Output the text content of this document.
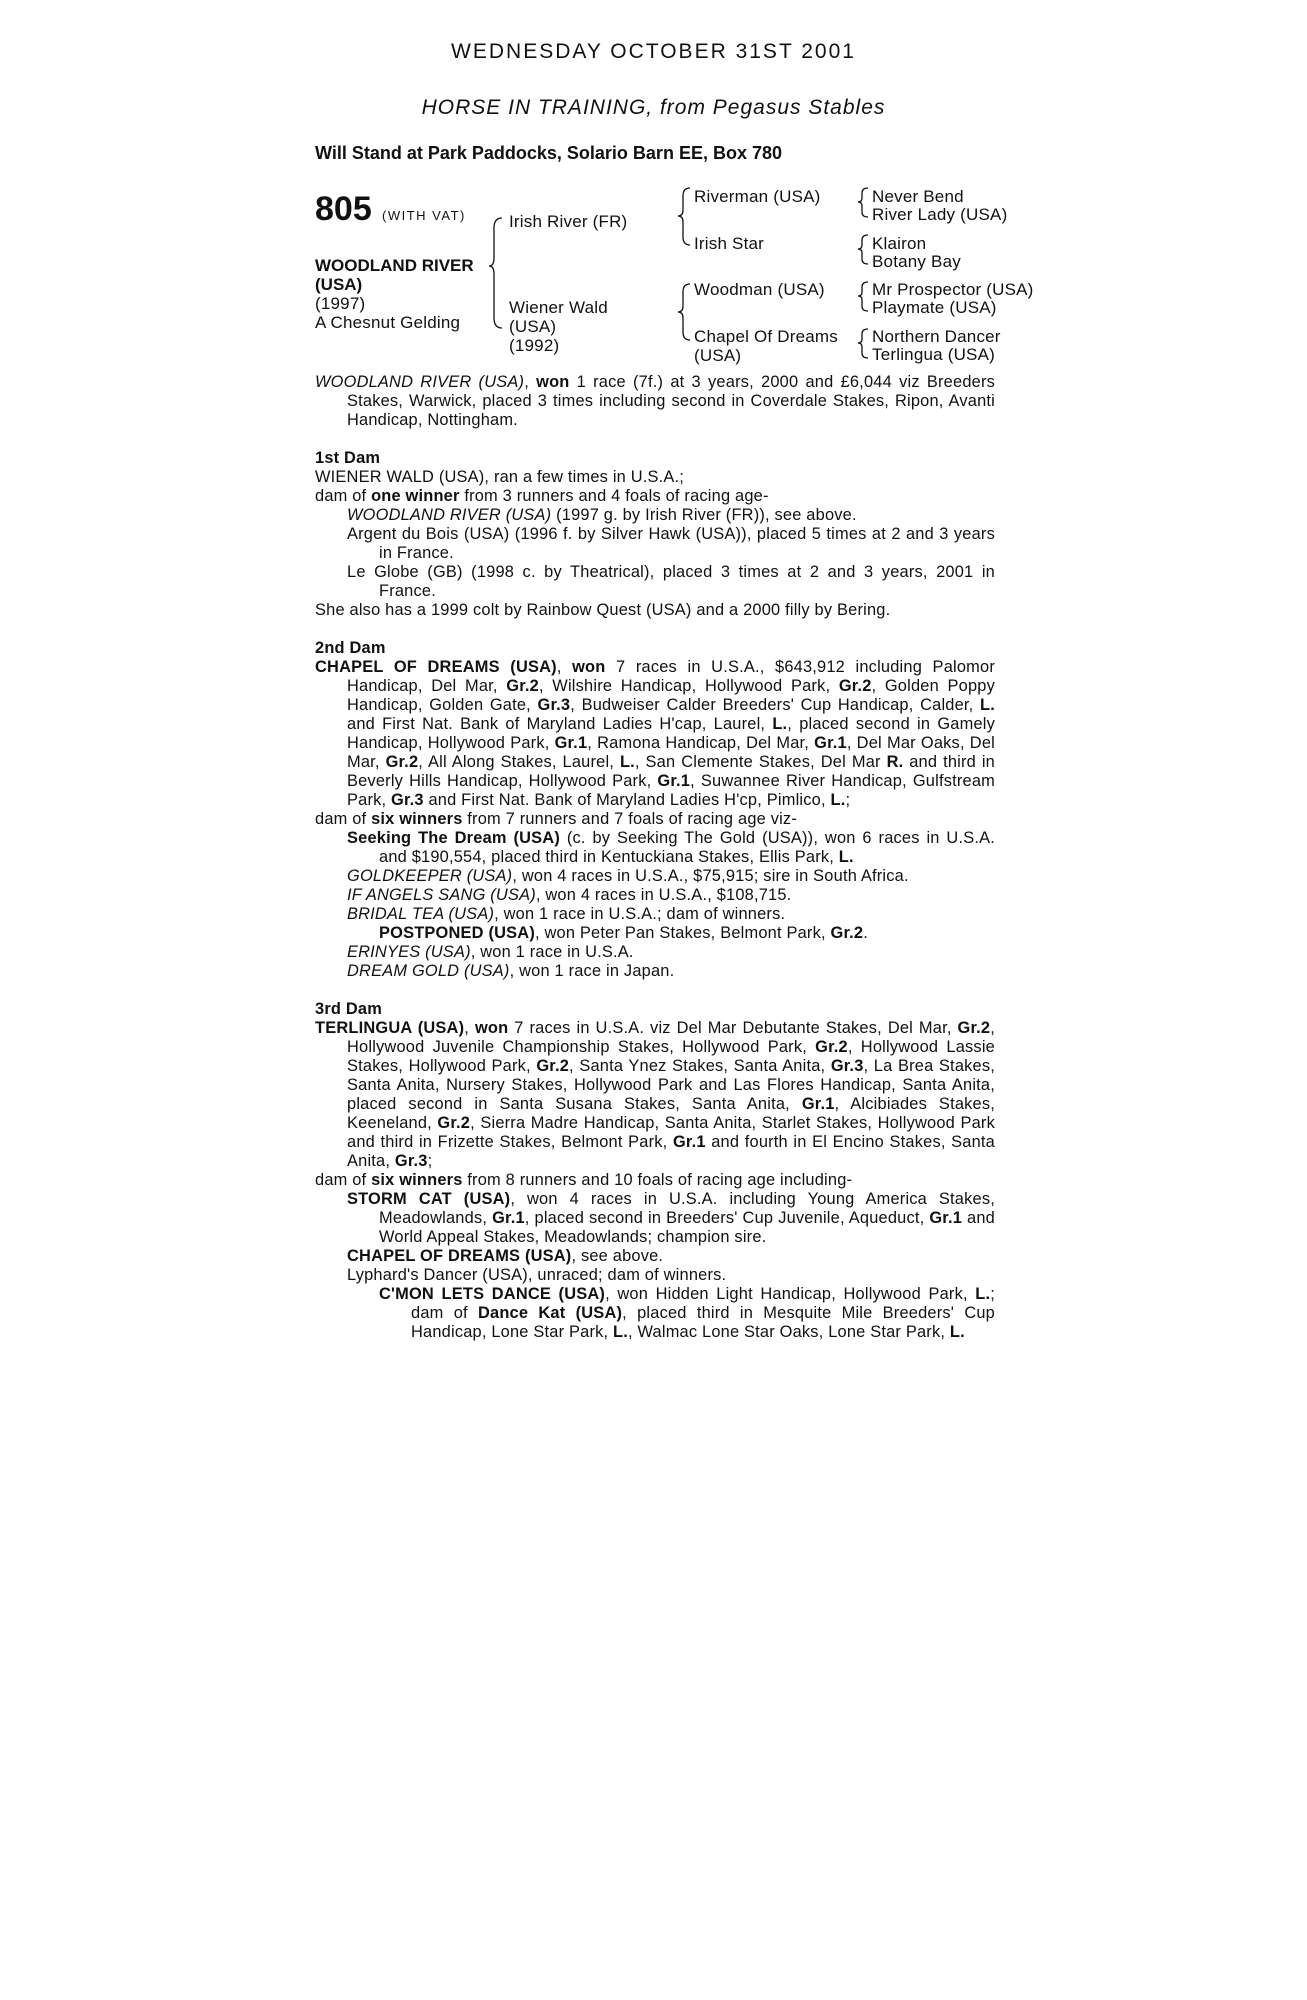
WEDNESDAY OCTOBER 31ST 2001
HORSE IN TRAINING, from Pegasus Stables
Will Stand at Park Paddocks, Solario Barn EE, Box 780
805 (WITH VAT)
WOODLAND RIVER
(USA)
(1997)
A Chesnut Gelding
Irish River (FR)
Wiener Wald
(USA)
(1992)
Riverman (USA)
Irish Star
Woodman (USA)
Chapel Of Dreams
(USA)
Never Bend
River Lady (USA)
Klairon
Botany Bay
Mr Prospector (USA)
Playmate (USA)
Northern Dancer
Terlingua (USA)

WOODLAND RIVER (USA), won 1 race (7f.) at 3 years, 2000 and £6,044 viz Breeders Stakes, Warwick, placed 3 times including second in Coverdale Stakes, Ripon, Avanti Handicap, Nottingham.

1st Dam

WIENER WALD (USA), ran a few times in U.S.A.;

dam of one winner from 3 runners and 4 foals of racing age-

WOODLAND RIVER (USA) (1997 g. by Irish River (FR)), see above.

Argent du Bois (USA) (1996 f. by Silver Hawk (USA)), placed 5 times at 2 and 3 years in France.

Le Globe (GB) (1998 c. by Theatrical), placed 3 times at 2 and 3 years, 2001 in France.

She also has a 1999 colt by Rainbow Quest (USA) and a 2000 filly by Bering.

2nd Dam

CHAPEL OF DREAMS (USA), won 7 races in U.S.A., $643,912 including Palomor Handicap, Del Mar, Gr.2, Wilshire Handicap, Hollywood Park, Gr.2, Golden Poppy Handicap, Golden Gate, Gr.3, Budweiser Calder Breeders' Cup Handicap, Calder, L. and First Nat. Bank of Maryland Ladies H'cap, Laurel, L., placed second in Gamely Handicap, Hollywood Park, Gr.1, Ramona Handicap, Del Mar, Gr.1, Del Mar Oaks, Del Mar, Gr.2, All Along Stakes, Laurel, L., San Clemente Stakes, Del Mar R. and third in Beverly Hills Handicap, Hollywood Park, Gr.1, Suwannee River Handicap, Gulfstream Park, Gr.3 and First Nat. Bank of Maryland Ladies H'cp, Pimlico, L.;

dam of six winners from 7 runners and 7 foals of racing age viz-

Seeking The Dream (USA) (c. by Seeking The Gold (USA)), won 6 races in U.S.A. and $190,554, placed third in Kentuckiana Stakes, Ellis Park, L.

GOLDKEEPER (USA), won 4 races in U.S.A., $75,915; sire in South Africa.

IF ANGELS SANG (USA), won 4 races in U.S.A., $108,715.

BRIDAL TEA (USA), won 1 race in U.S.A.; dam of winners.

POSTPONED (USA), won Peter Pan Stakes, Belmont Park, Gr.2.

ERINYES (USA), won 1 race in U.S.A.

DREAM GOLD (USA), won 1 race in Japan.

3rd Dam

TERLINGUA (USA), won 7 races in U.S.A. viz Del Mar Debutante Stakes, Del Mar, Gr.2, Hollywood Juvenile Championship Stakes, Hollywood Park, Gr.2, Hollywood Lassie Stakes, Hollywood Park, Gr.2, Santa Ynez Stakes, Santa Anita, Gr.3, La Brea Stakes, Santa Anita, Nursery Stakes, Hollywood Park and Las Flores Handicap, Santa Anita, placed second in Santa Susana Stakes, Santa Anita, Gr.1, Alcibiades Stakes, Keeneland, Gr.2, Sierra Madre Handicap, Santa Anita, Starlet Stakes, Hollywood Park and third in Frizette Stakes, Belmont Park, Gr.1 and fourth in El Encino Stakes, Santa Anita, Gr.3;

dam of six winners from 8 runners and 10 foals of racing age including-

STORM CAT (USA), won 4 races in U.S.A. including Young America Stakes, Meadowlands, Gr.1, placed second in Breeders' Cup Juvenile, Aqueduct, Gr.1 and World Appeal Stakes, Meadowlands; champion sire.

CHAPEL OF DREAMS (USA), see above.

Lyphard's Dancer (USA), unraced; dam of winners.

C'MON LETS DANCE (USA), won Hidden Light Handicap, Hollywood Park, L.; dam of Dance Kat (USA), placed third in Mesquite Mile Breeders' Cup Handicap, Lone Star Park, L., Walmac Lone Star Oaks, Lone Star Park, L.
